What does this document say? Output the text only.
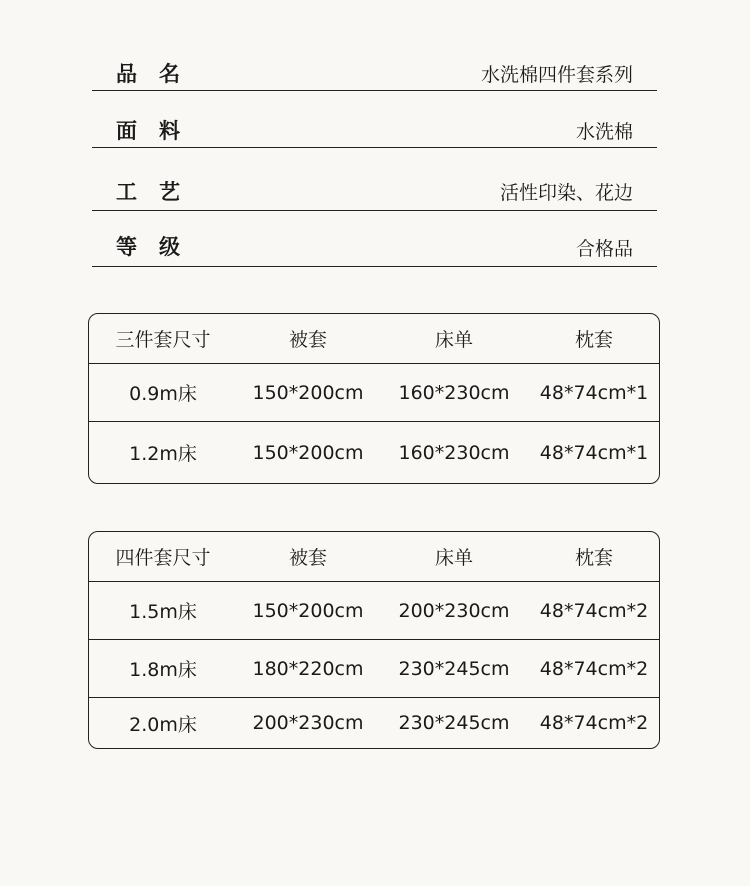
品名	水洗棉四件套系列
面料	水洗棉
工艺	活性印染、花边
等级	合格品
三件套尺寸	被套	床单	枕套
0.9m床	150*200cm	160*230cm	48*74cm*1
1.2m床	150*200cm	160*230cm	48*74cm*1
四件套尺寸	被套	床单	枕套
1.5m床	150*200cm	200*230cm	48*74cm*2
1.8m床	180*220cm	230*245cm	48*74cm*2
2.0m床	200*230cm	230*245cm	48*74cm*2
